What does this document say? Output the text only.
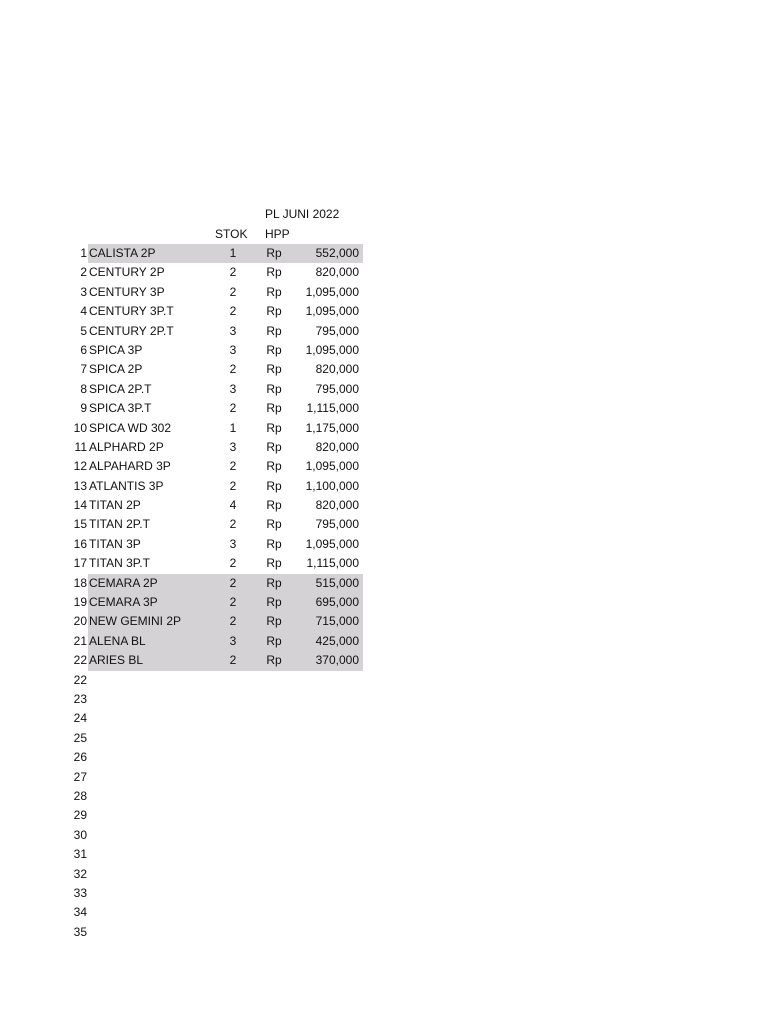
PL JUNI 2022
STOK HPP
1 CALISTA 2P	1	Rp	552,000
2 CENTURY 2P	2	Rp	820,000
3 CENTURY 3P	2	Rp	1,095,000
4 CENTURY 3P.T	2	Rp	1,095,000
5 CENTURY 2P.T	3	Rp	795,000
6 SPICA 3P	3	Rp	1,095,000
7 SPICA 2P	2	Rp	820,000
8 SPICA 2P.T	3	Rp	795,000
9 SPICA 3P.T	2	Rp	1,115,000
10 SPICA WD 302	1	Rp	1,175,000
11 ALPHARD 2P	3	Rp	820,000
12 ALPAHARD 3P	2	Rp	1,095,000
13 ATLANTIS 3P	2	Rp	1,100,000
14 TITAN 2P	4	Rp	820,000
15 TITAN 2P.T	2	Rp	795,000
16 TITAN 3P	3	Rp	1,095,000
17 TITAN 3P.T	2	Rp	1,115,000
18 CEMARA 2P	2	Rp	515,000
19 CEMARA 3P	2	Rp	695,000
20 NEW GEMINI 2P	2	Rp	715,000
21 ALENA BL	3	Rp	425,000
22 ARIES BL	2	Rp	370,000
22
23
24
25
26
27
28
29
30
31
32
33
34
35
